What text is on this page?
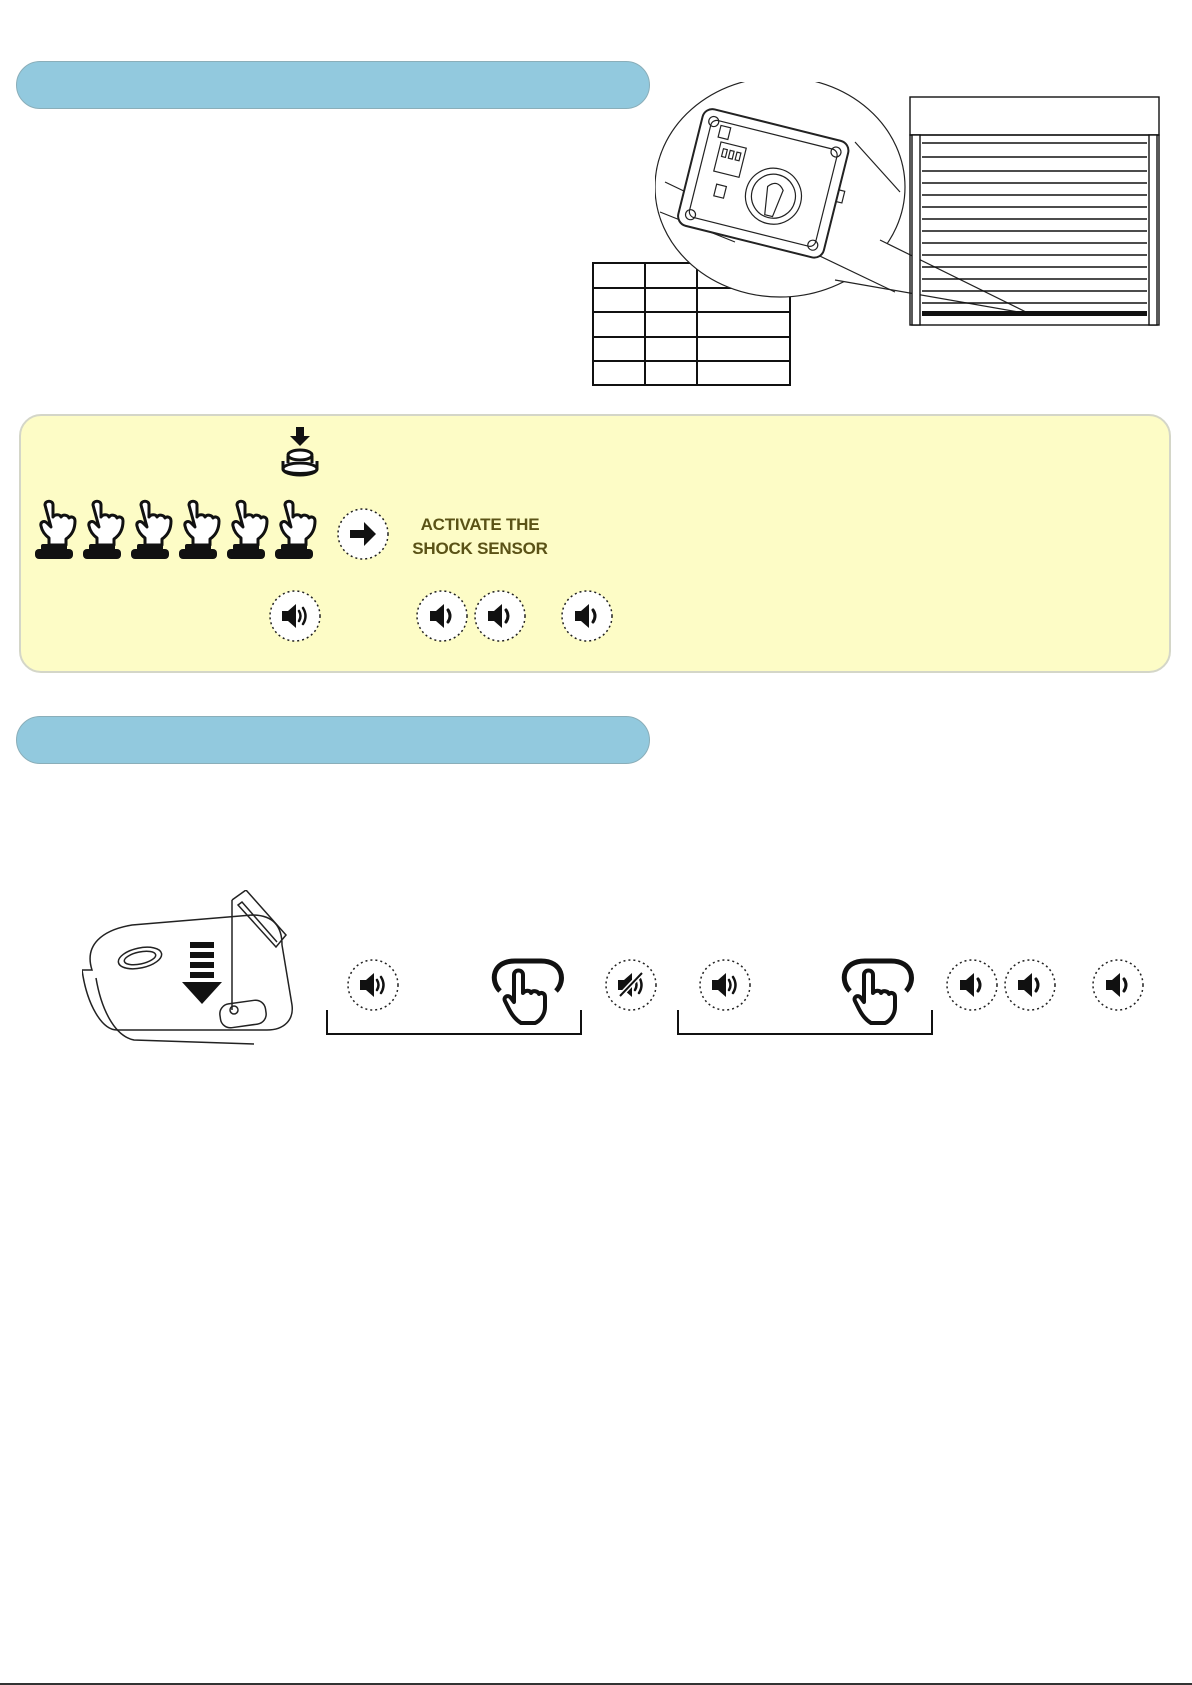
ACTIVATE THE
SHOCK SENSOR
